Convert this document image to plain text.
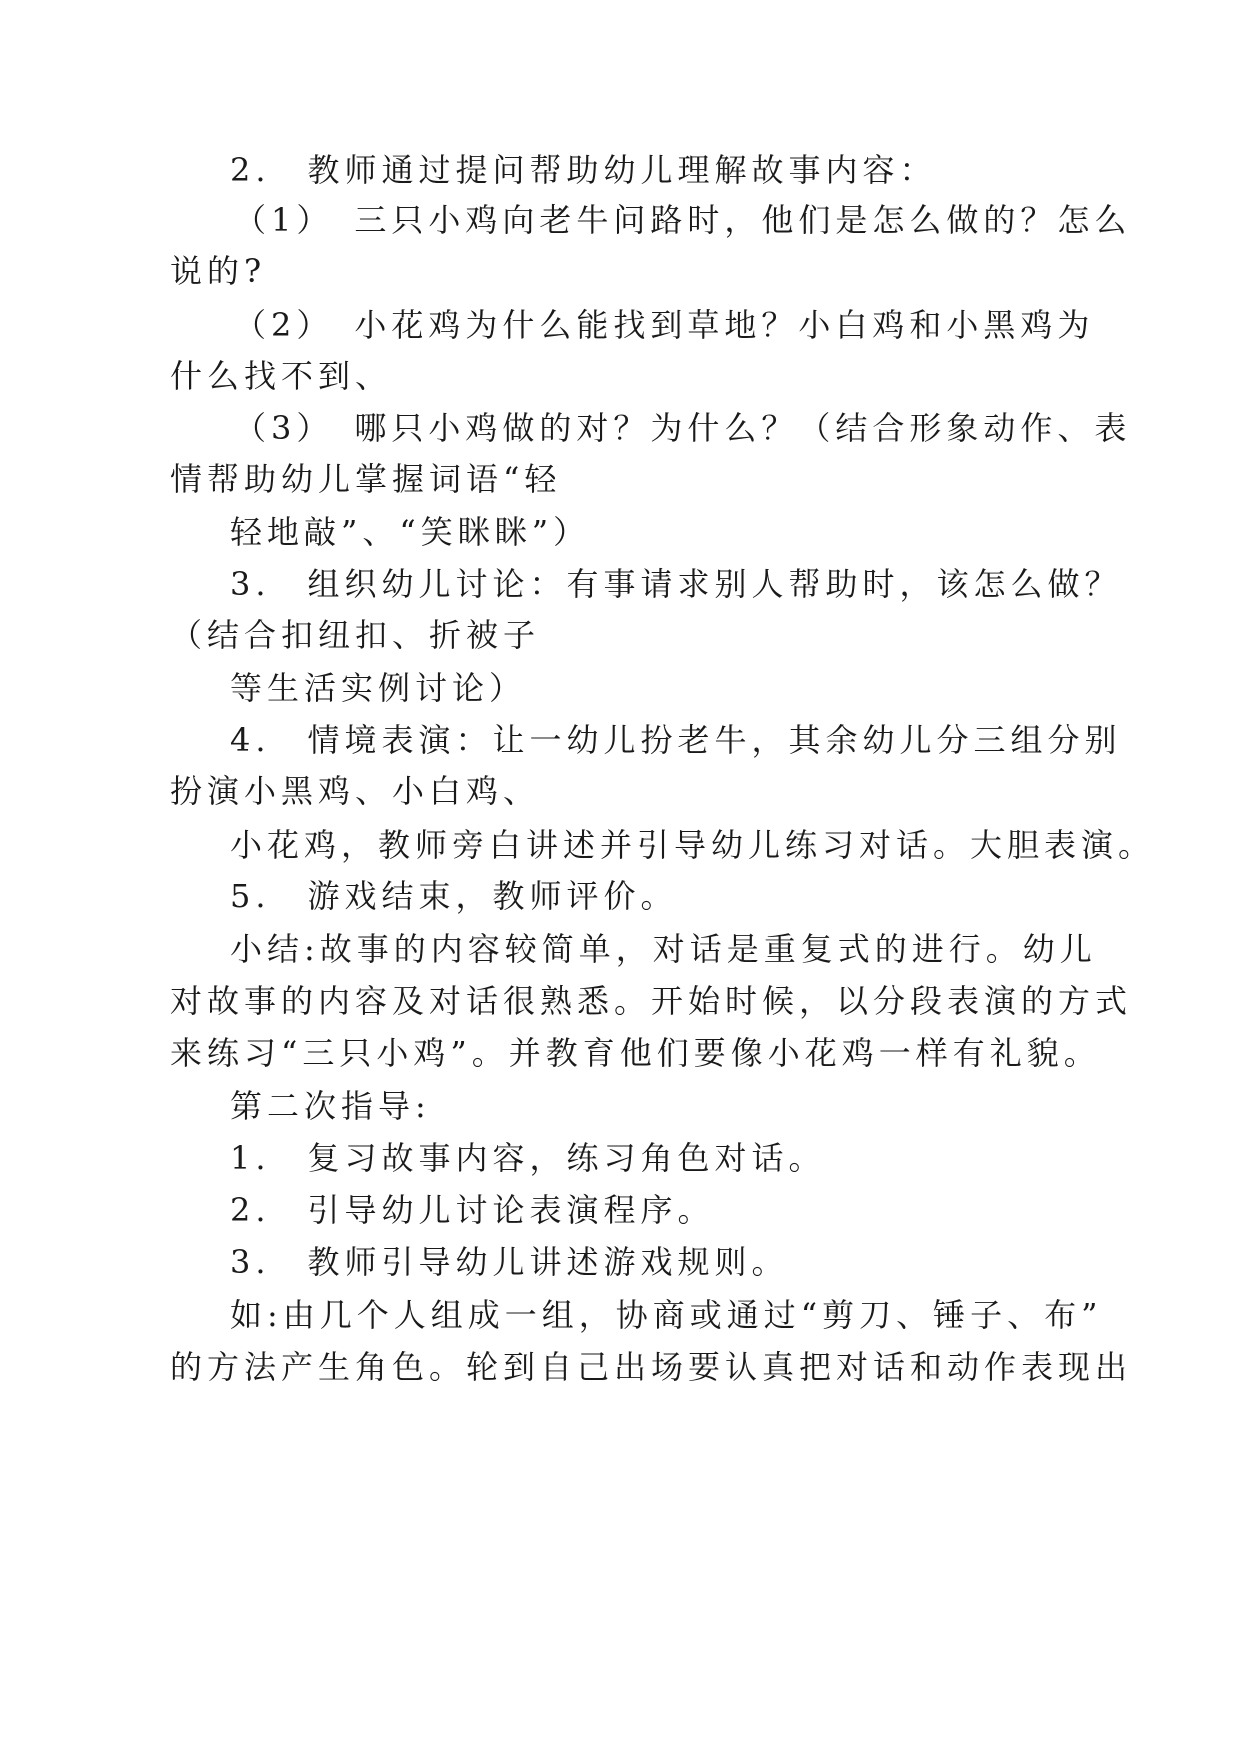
2.　教师通过提问帮助幼儿理解故事内容：
（1）　三只小鸡向老牛问路时，他们是怎么做的？怎么
说的?
（2）　小花鸡为什么能找到草地？小白鸡和小黑鸡为
什么找不到、
（3）　哪只小鸡做的对？为什么？（结合形象动作、表
情帮助幼儿掌握词语“轻
轻地敲”、“笑眯眯”）
3.　组织幼儿讨论：有事请求别人帮助时，该怎么做？
（结合扣纽扣、折被子
等生活实例讨论）
4.　情境表演：让一幼儿扮老牛，其余幼儿分三组分别
扮演小黑鸡、小白鸡、
小花鸡，教师旁白讲述并引导幼儿练习对话。大胆表演。
5.　游戏结束，教师评价。
小结:故事的内容较简单，对话是重复式的进行。幼儿
对故事的内容及对话很熟悉。开始时候，以分段表演的方式
来练习“三只小鸡”。并教育他们要像小花鸡一样有礼貌。
第二次指导:
1.　复习故事内容，练习角色对话。
2.　引导幼儿讨论表演程序。
3.　教师引导幼儿讲述游戏规则。
如:由几个人组成一组，协商或通过“剪刀、锤子、布”
的方法产生角色。轮到自己出场要认真把对话和动作表现出
